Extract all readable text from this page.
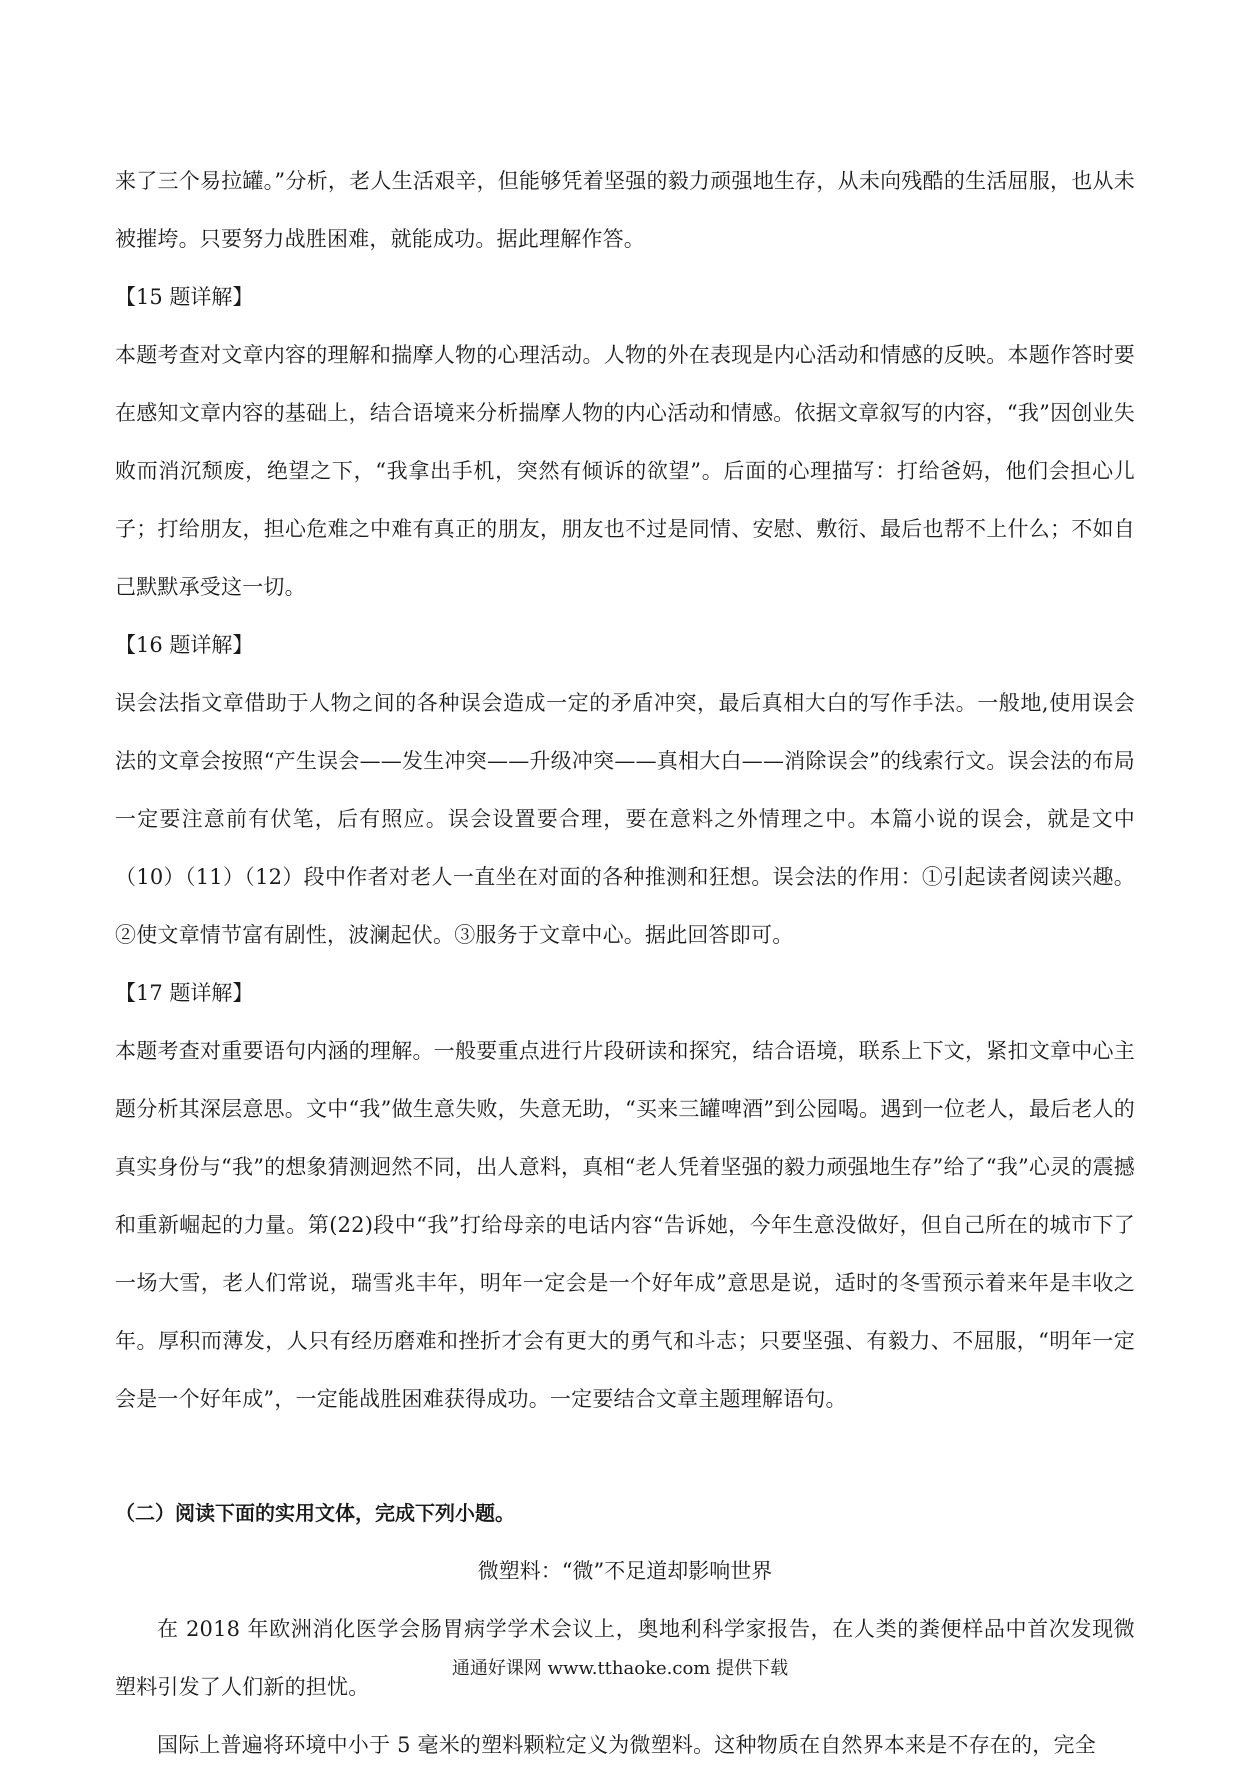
来了三个易拉罐。”分析，老人生活艰辛，但能够凭着坚强的毅力顽强地生存，从未向残酷的生活屈服，也从未被摧垮。只要努力战胜困难，就能成功。据此理解作答。

【15 题详解】

本题考查对文章内容的理解和揣摩人物的心理活动。人物的外在表现是内心活动和情感的反映。本题作答时要在感知文章内容的基础上，结合语境来分析揣摩人物的内心活动和情感。依据文章叙写的内容，“我”因创业失败而消沉颓废，绝望之下，“我拿出手机，突然有倾诉的欲望”。后面的心理描写：打给爸妈，他们会担心儿子；打给朋友，担心危难之中难有真正的朋友，朋友也不过是同情、安慰、敷衍、最后也帮不上什么；不如自己默默承受这一切。

【16 题详解】

误会法指文章借助于人物之间的各种误会造成一定的矛盾冲突，最后真相大白的写作手法。一般地,使用误会法的文章会按照“产生误会——发生冲突——升级冲突——真相大白——消除误会”的线索行文。误会法的布局一定要注意前有伏笔，后有照应。误会设置要合理，要在意料之外情理之中。本篇小说的误会，就是文中（10）（11）（12）段中作者对老人一直坐在对面的各种推测和狂想。误会法的作用：①引起读者阅读兴趣。②使文章情节富有剧性，波澜起伏。③服务于文章中心。据此回答即可。

【17 题详解】

本题考查对重要语句内涵的理解。一般要重点进行片段研读和探究，结合语境，联系上下文，紧扣文章中心主题分析其深层意思。文中“我”做生意失败，失意无助，“买来三罐啤酒”到公园喝。遇到一位老人，最后老人的真实身份与“我”的想象猜测迥然不同，出人意料，真相“老人凭着坚强的毅力顽强地生存”给了“我”心灵的震撼和重新崛起的力量。第(22)段中“我”打给母亲的电话内容“告诉她，今年生意没做好，但自己所在的城市下了一场大雪，老人们常说，瑞雪兆丰年，明年一定会是一个好年成”意思是说，适时的冬雪预示着来年是丰收之年。厚积而薄发，人只有经历磨难和挫折才会有更大的勇气和斗志；只要坚强、有毅力、不屈服，“明年一定会是一个好年成”，一定能战胜困难获得成功。一定要结合文章主题理解语句。

（二）阅读下面的实用文体，完成下列小题。

微塑料：“微”不足道却影响世界

在 2018 年欧洲消化医学会肠胃病学学术会议上，奥地利科学家报告，在人类的粪便样品中首次发现微塑料引发了人们新的担忧。

国际上普遍将环境中小于 5 毫米的塑料颗粒定义为微塑料。这种物质在自然界本来是不存在的，完全

通通好课网 www.tthaoke.com 提供下载
